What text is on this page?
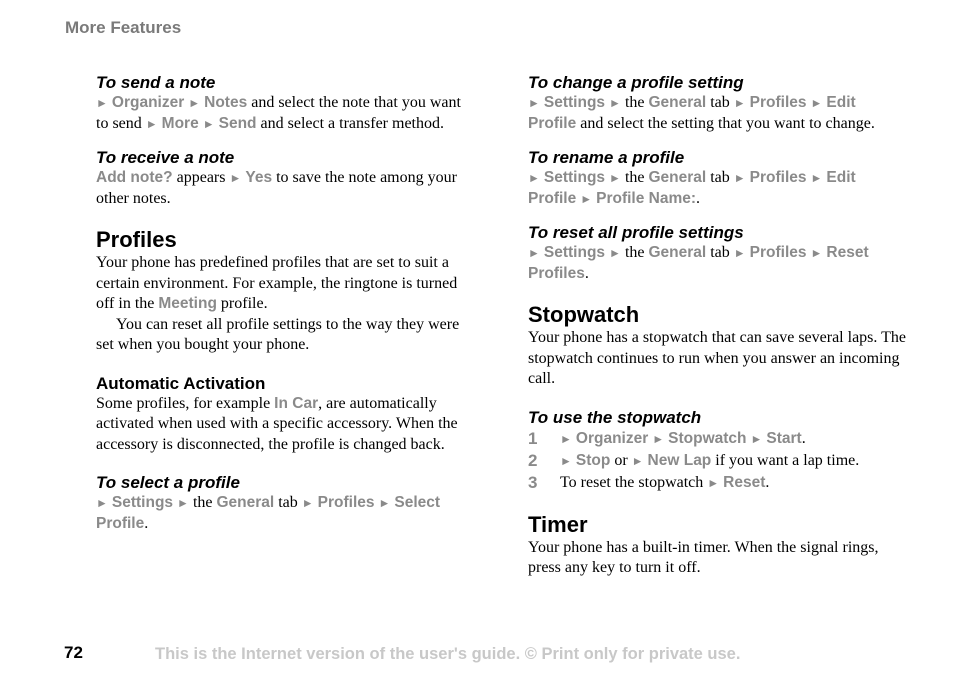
More Features
To send a note

► Organizer ► Notes and select the note that you want to send ► More ► Send and select a transfer method.

To receive a note

Add note? appears ► Yes to save the note among your other notes.

Profiles

Your phone has predefined profiles that are set to suit a certain environment. For example, the ringtone is turned off in the Meeting profile.

You can reset all profile settings to the way they were set when you bought your phone.

Automatic Activation

Some profiles, for example In Car, are automatically activated when used with a specific accessory. When the accessory is disconnected, the profile is changed back.

To select a profile

► Settings ► the General tab ► Profiles ► Select Profile.

To change a profile setting

► Settings ► the General tab ► Profiles ► Edit Profile and select the setting that you want to change.

To rename a profile

► Settings ► the General tab ► Profiles ► Edit Profile ► Profile Name:.

To reset all profile settings

► Settings ► the General tab ► Profiles ► Reset Profiles.

Stopwatch

Your phone has a stopwatch that can save several laps. The stopwatch continues to run when you answer an incoming call.

To use the stopwatch
1	► Organizer ► Stopwatch ► Start.
2	► Stop or ► New Lap if you want a lap time.
3	To reset the stopwatch ► Reset.
Timer

Your phone has a built-in timer. When the signal rings, press any key to turn it off.

72	This is the Internet version of the user's guide. © Print only for private use.
